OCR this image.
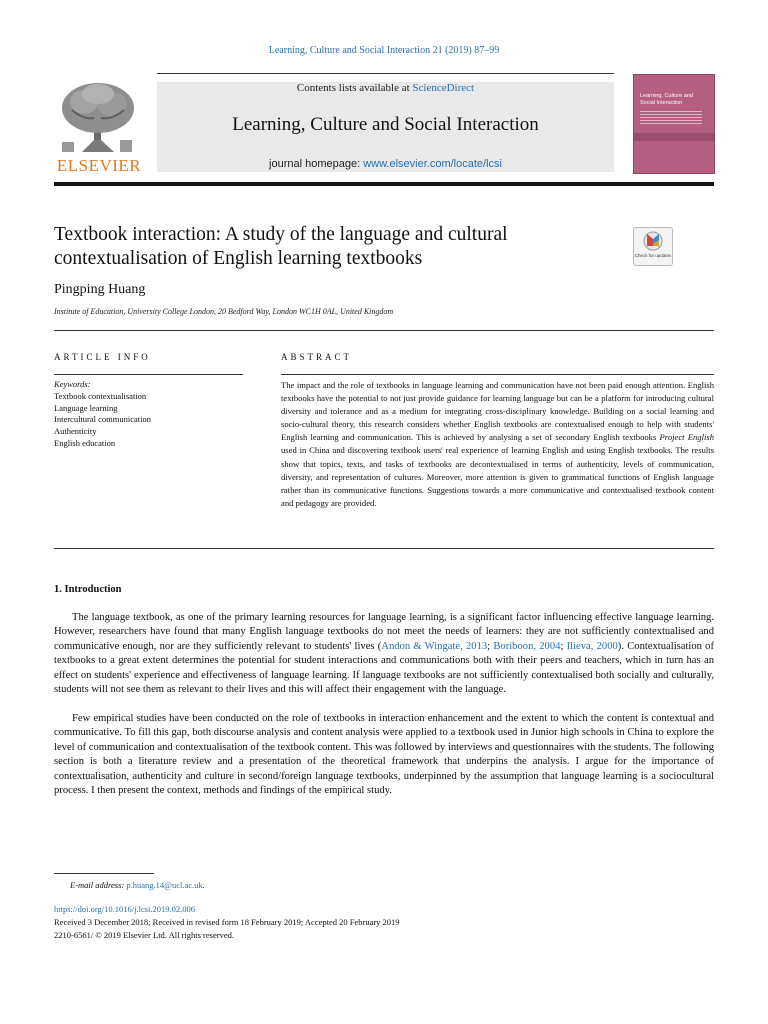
Learning, Culture and Social Interaction 21 (2019) 87–99
ELSEVIER
Contents lists available at ScienceDirect
Learning, Culture and Social Interaction
journal homepage: www.elsevier.com/locate/lcsi
Learning, Culture and Social Interaction
Textbook interaction: A study of the language and cultural contextualisation of English learning textbooks	Check for updates
Pingping Huang
Institute of Education, University College London, 20 Bedford Way, London WC1H 0AL, United Kingdom
ARTICLE INFO	ABSTRACT
Keywords:
Textbook contextualisation
Language learning
Intercultural communication
Authenticity
English education
The impact and the role of textbooks in language learning and communication have not been paid enough attention. English textbooks have the potential to not just provide guidance for learning language but can be a platform for introducing cultural diversity and tolerance and as a medium for integrating cross-disciplinary knowledge. Building on a social learning and socio-cultural theory, this research considers whether English textbooks are contextualised enough to help with students' English learning and communication. This is achieved by analysing a set of secondary English textbooks Project English used in China and discovering textbook users' real experience of learning English and using English textbooks. The results show that topics, texts, and tasks of textbooks are decontextualised in terms of authenticity, levels of communication, diversity, and representation of cultures. Moreover, more attention is given to grammatical functions of English language rather than its communicative functions. Suggestions towards a more communicative and contextualised textbook content and pedagogy are provided.
1. Introduction

The language textbook, as one of the primary learning resources for language learning, is a significant factor influencing effective language learning. However, researchers have found that many English language textbooks do not meet the needs of learners: they are not sufficiently contextualised and communicative enough, nor are they sufficiently relevant to students' lives (Andon & Wingate, 2013; Boriboon, 2004; Ilieva, 2000). Contextualisation of textbooks to a great extent determines the potential for student interactions and communications both with their peers and teachers, which in turn has an effect on students' experience and effectiveness of language learning. If language textbooks are not sufficiently contextualised both socially and culturally, students will not see them as relevant to their lives and this will affect their engagement with the language.

Few empirical studies have been conducted on the role of textbooks in interaction enhancement and the extent to which the content is contextual and communicative. To fill this gap, both discourse analysis and content analysis were applied to a textbook used in Junior high schools in China to explore the level of communication and contextualisation of the textbook content. This was followed by interviews and questionnaires with the students. The following section is both a literature review and a presentation of the theoretical framework that underpins the analysis. I argue for the importance of contextualisation, authenticity and culture in second/foreign language textbooks, underpinned by the assumption that language learning is a sociocultural process. I then present the context, methods and findings of the empirical study.

E-mail address: p.huang.14@ucl.ac.uk.
https://doi.org/10.1016/j.lcsi.2019.02.006
Received 3 December 2018; Received in revised form 18 February 2019; Accepted 20 February 2019
2210-6561/ © 2019 Elsevier Ltd. All rights reserved.
